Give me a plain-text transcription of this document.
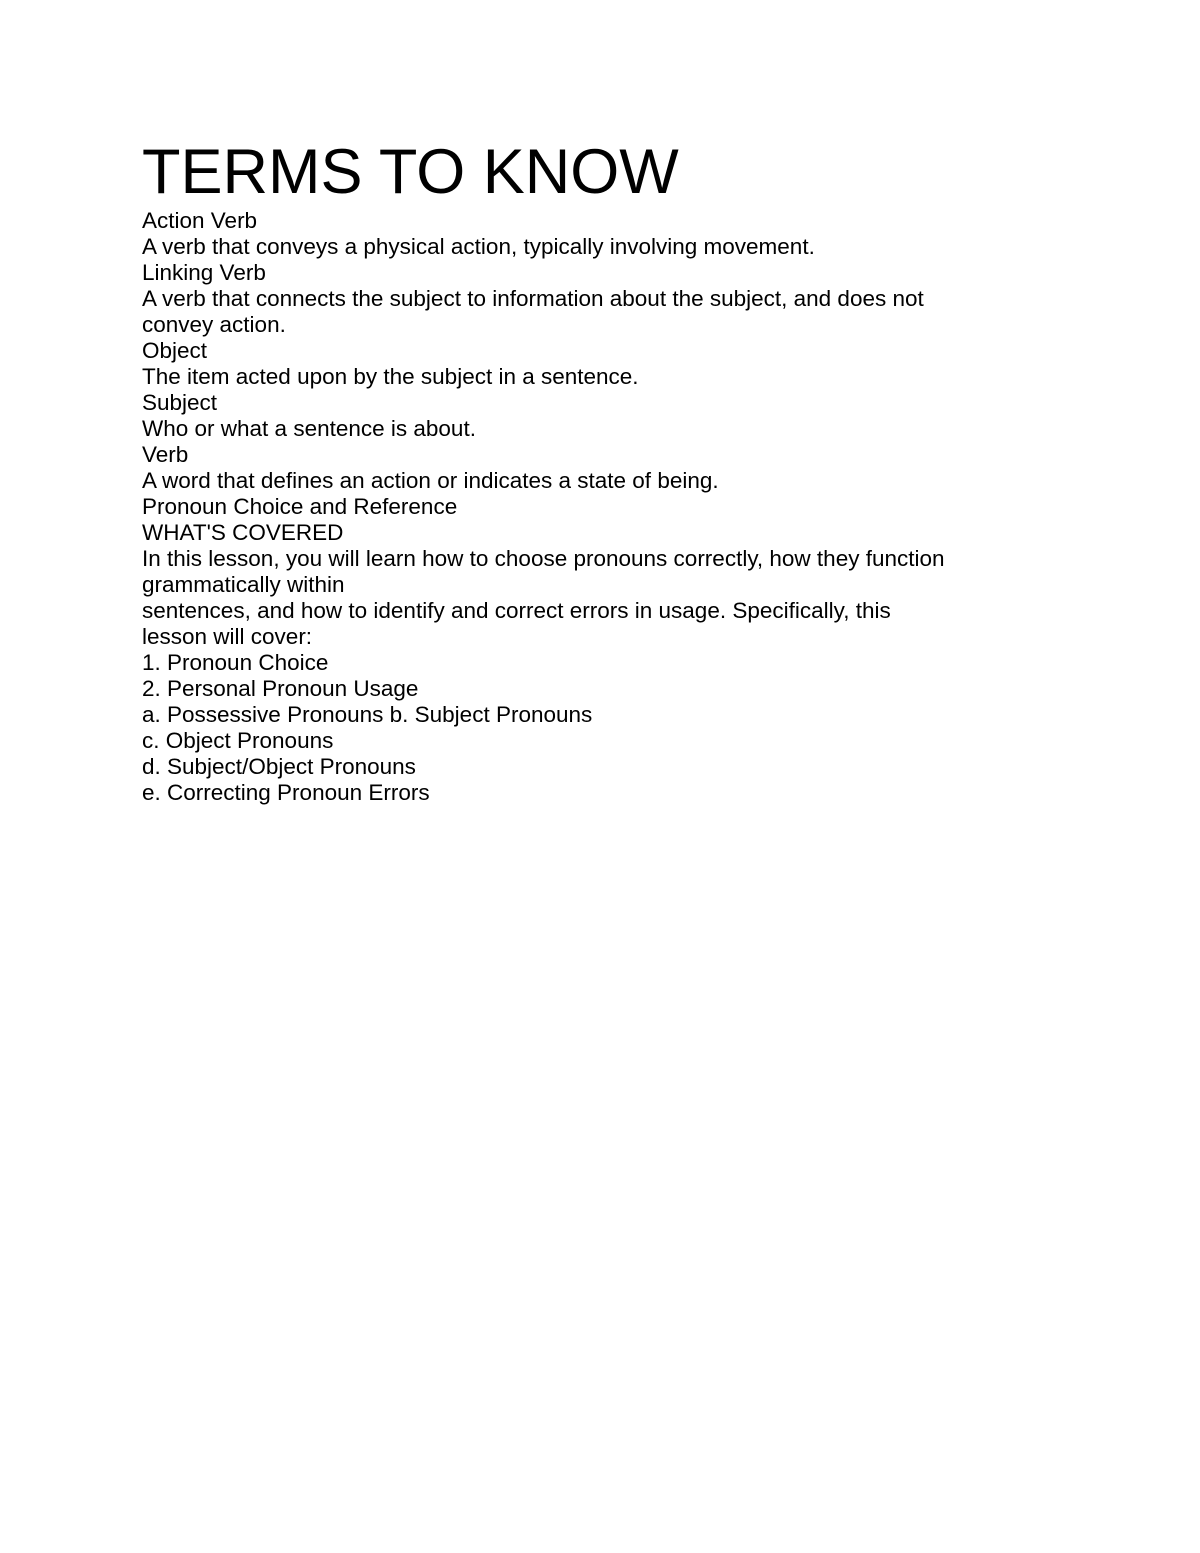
TERMS TO KNOW

Action Verb

A verb that conveys a physical action, typically involving movement.

Linking Verb

A verb that connects the subject to information about the subject, and does not

convey action.

Object

The item acted upon by the subject in a sentence.

Subject

Who or what a sentence is about.

Verb

A word that defines an action or indicates a state of being.

Pronoun Choice and Reference

WHAT'S COVERED

In this lesson, you will learn how to choose pronouns correctly, how they function

grammatically within

sentences, and how to identify and correct errors in usage. Specifically, this

lesson will cover:

1. Pronoun Choice

2. Personal Pronoun Usage

a. Possessive Pronouns b. Subject Pronouns

c. Object Pronouns

d. Subject/Object Pronouns

e. Correcting Pronoun Errors
